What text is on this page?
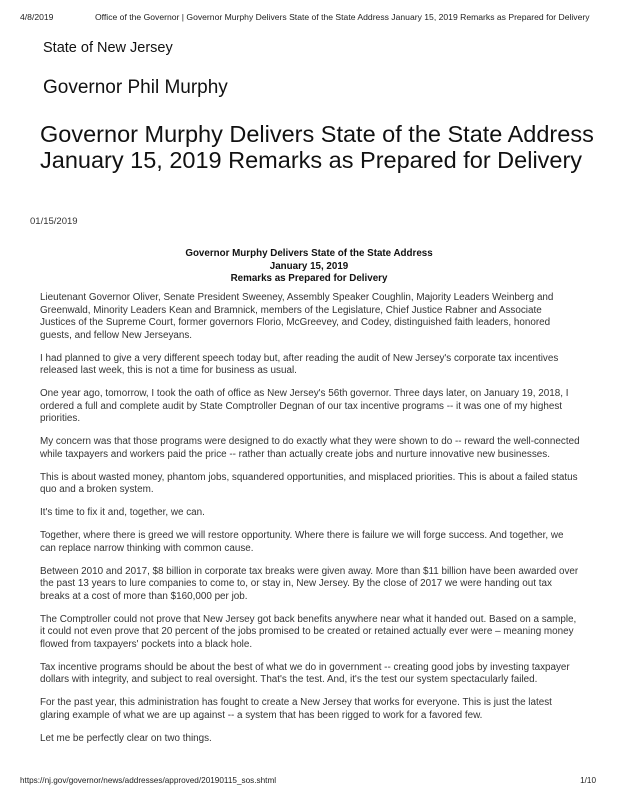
4/8/2019	Office of the Governor | Governor Murphy Delivers State of the State Address January 15, 2019 Remarks as Prepared for Delivery
State of New Jersey
Governor Phil Murphy
Governor Murphy Delivers State of the State Address January 15, 2019 Remarks as Prepared for Delivery
01/15/2019
Governor Murphy Delivers State of the State Address
January 15, 2019
Remarks as Prepared for Delivery

Lieutenant Governor Oliver, Senate President Sweeney, Assembly Speaker Coughlin, Majority Leaders Weinberg and Greenwald, Minority Leaders Kean and Bramnick, members of the Legislature, Chief Justice Rabner and Associate Justices of the Supreme Court, former governors Florio, McGreevey, and Codey, distinguished faith leaders, honored guests, and fellow New Jerseyans.

I had planned to give a very different speech today but, after reading the audit of New Jersey's corporate tax incentives released last week, this is not a time for business as usual.

One year ago, tomorrow, I took the oath of office as New Jersey's 56th governor. Three days later, on January 19, 2018, I ordered a full and complete audit by State Comptroller Degnan of our tax incentive programs -- it was one of my highest priorities.

My concern was that those programs were designed to do exactly what they were shown to do -- reward the well-connected while taxpayers and workers paid the price -- rather than actually create jobs and nurture innovative new businesses.

This is about wasted money, phantom jobs, squandered opportunities, and misplaced priorities. This is about a failed status quo and a broken system.

It's time to fix it and, together, we can.

Together, where there is greed we will restore opportunity. Where there is failure we will forge success. And together, we can replace narrow thinking with common cause.

Between 2010 and 2017, $8 billion in corporate tax breaks were given away. More than $11 billion have been awarded over the past 13 years to lure companies to come to, or stay in, New Jersey. By the close of 2017 we were handing out tax breaks at a cost of more than $160,000 per job.

The Comptroller could not prove that New Jersey got back benefits anywhere near what it handed out. Based on a sample, it could not even prove that 20 percent of the jobs promised to be created or retained actually ever were – meaning money flowed from taxpayers' pockets into a black hole.

Tax incentive programs should be about the best of what we do in government -- creating good jobs by investing taxpayer dollars with integrity, and subject to real oversight. That's the test. And, it's the test our system spectacularly failed.

For the past year, this administration has fought to create a New Jersey that works for everyone. This is just the latest glaring example of what we are up against -- a system that has been rigged to work for a favored few.

Let me be perfectly clear on two things.

https://nj.gov/governor/news/addresses/approved/20190115_sos.shtml	1/10
